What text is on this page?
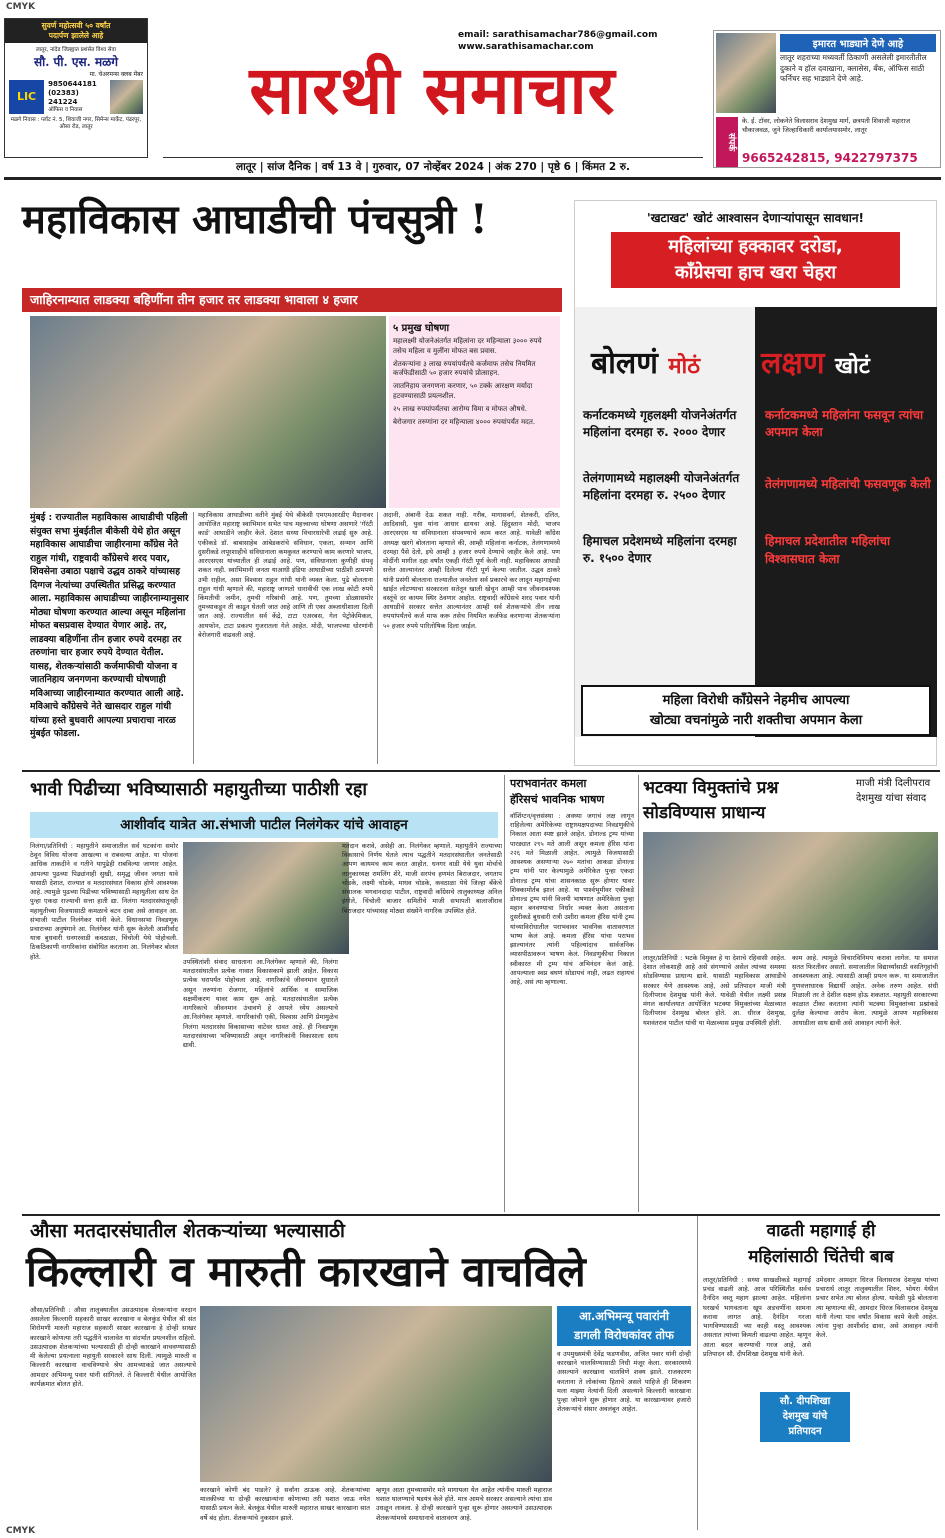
CMYK
CMYK
सुवर्ण महोत्सवी ५० वर्षांत
पदार्पण झालेले आहे
लातूर, नांदेड जिल्ह्यात प्रशंसेत विश्व सेवा
सौ. पी. एस. मळगे
मा. चेअरमन्स क्लब मेंबर
LIC
9850644181
(02383) 241224
ऑफिस व निवास
मळगे निवास : प्लॉट नं. 5, शिवाजी नगर, सिमेन्स मार्केट, पंढरपूर, औसा रोड, लातूर
email: sarathisamachar786@gmail.com
www.sarathisamachar.com
सारथी समाचार
लातूर | सांज दैनिक | वर्ष 13 वे | गुरुवार, 07 नोव्हेंबर 2024 | अंक 270 | पृष्ठे 6 | किंमत 2 रु.
इमारत भाड्याने देणे आहे
लातूर शहराच्या मध्यवर्ती ठिकाणी असलेली इमारतीतील दुकाने व हॉल दवाखाना, क्लासेस, बँक, ऑफिस साठी फर्निचर सह भाड्याने देणे आहे.
संपर्क
के. ई. टॉवर, लोकनेते विलासराव देशमुख मार्ग, छत्रपती शिवाजी महाराज चौकाजवळ, जुने जिल्हाधिकारी कार्यालयासमोर, लातूर
9665242815, 9422797375
महाविकास आघाडीची पंचसुत्री !
जाहिरनाम्यात लाडक्या बहिणींना तीन हजार तर लाडक्या भावाला ४ हजार
५ प्रमुख घोषणा
महालक्ष्मी योजनेअंतर्गत महिलांना दर महिन्याला ३००० रुपये तसेच महिला व मुलींना मोफत बस प्रवास.
शेतकऱ्यांना ३ लाख रुपयांपर्यंतचे कर्जमाफ तसेच नियमित कर्जफेडीसाठी ५० हजार रुपयांचे प्रोत्साहन.
जातनिहाय जनगणना करणार, ५० टक्के आरक्षण मर्यादा हटवण्यासाठी प्रयत्नशील.
२५ लाख रुपयांपर्यंतचा आरोग्य विमा व मोफत औषधे.
बेरोजगार तरुणांना दर महिन्याला ४००० रुपयांपर्यंत मदत.
मुंबई : राज्यातील महाविकास आघाडीची पहिली संयुक्त सभा मुंबईतील बीकेसी येथे होत असून महाविकास आघाडीचा जाहीरनामा काँग्रेस नेते राहुल गांधी, राष्ट्रवादी काँग्रेसचे शरद पवार, शिवसेना उबाठा पक्षाचे उद्धव ठाकरे यांच्यासह दिग्गज नेत्यांच्या उपस्थितीत प्रसिद्ध करण्यात आला. महाविकास आघाडीच्या जाहीरनाम्यानुसार मोठ्या घोषणा करण्यात आल्या असून महिलांना मोफत बसप्रवास देण्यात येणार आहे. तर, लाडक्या बहिणींना तीन हजार रुपये दरमहा तर तरुणांना चार हजार रुपये देण्यात येतील. यासह, शेतकऱ्यांसाठी कर्जमाफीची योजना व जातनिहाय जनगणना करण्याची घोषणाही मविआच्या जाहीरनाम्यात करण्यात आली आहे. मविआचे काँग्रेसचे नेते खासदार राहुल गांधी यांच्या हस्ते बुधवारी आपल्या प्रचाराचा नारळ मुंबईत फोडला.
महाविकास आघाडीच्या वतीने मुंबई येथे बीकेसी एमएमआरडीए मैदानावर आयोजित महाराष्ट्र स्वाभिमान सभेत पाच महत्त्वाच्या घोषणा असणारे 'गॅरंटी कार्ड' आघाडीने जाहीर केले. देशात सध्या विचारधारेची लढाई सुरु आहे. एकीकडे डॉ. बाबासाहेब आंबेडकरांचे संविधान, एकता, सन्मान आणि दुसरीकडे लपूरशाहीचे संविधानाला कमकुवत करण्याचे काम करणारे भाजप, आरएसएस यांच्यातील ही लढाई आहे. पण, संविधानाला कुणीही संपवू शकत नाही. स्वाभिमानी जनता याआधी इंडिया आघाडीच्या पाठीशी ठामपणे उभी राहील, असा विश्वास राहुल गांधी यांनी व्यक्त केला. पुढे बोलताना राहुल गांधी म्हणाले की, महाराष्ट्र जाणतो धारावीची एक लाख कोटी रुपये किंमतीची जमीन, तुमची गरिबांची आहे. पण, तुमच्या डोळ्यासमोर तुमच्याकडून ती काढून घेतली जात आहे आणि ती एका अब्जाधीशाला दिली जात आहे. राज्यातील सर्व केंद्रे, टाटा एअरबस, गेल पेट्रोकेमिकल, आयफोन, टाटा प्रकल्प गुजरातला गेले आहेत. मोदी, भाजपच्या धोरणांनी बेरोजगारी वाढवली आहे.
अदानी, अंबानी देऊ शकत नाही. गरीब, मागासवर्ग, शेतकरी, दलित, आदिवासी, युवा यांना आधार द्यायचा आहे. हिंदुस्तान मोदी, भाजप आरएसएस या संविधानाला संपवण्याचे काम करत आहे. यावेळी काँग्रेस अध्यक्ष खरगे बोलताना म्हणाले की, आम्ही महिलांना कर्नाटक, तेलंगणामध्ये दरमहा पैसे देतो, इथे आम्ही ३ हजार रुपये देण्याचे जाहीर केले आहे. पण मोदींनी मागील दहा वर्षांत एकही गॅरंटी पूर्ण केली नाही. महाविकास आघाडी सत्तेत आल्यानंतर आम्ही दिलेल्या गॅरंटी पूर्ण केल्या जातील. उद्धव ठाकरे यांनी प्रसंगी बोलताना राज्यातील जनतेला सर्व प्रकारचे कर लादून महागाईच्या खाईत लोटण्याचा सरकारला सतेतून खाली खेचून आम्ही पाच जीवनावश्यक वस्तूंचे दर कायम स्थिर ठेवणार आहोत. राष्ट्रवादी काँग्रेसचे शरद पवार यांनी आघाडीचे सरकार सत्तेत आल्यानंतर आम्ही सर्व शेतकऱ्यांचे तीन लाख रुपयांपर्यंतचे कर्ज माफ करू तसेच नियमित कर्जफेड करणाऱ्या शेतकऱ्यांना ५० हजार रुपये पारितोषिक दिला जाईल.
'खटाखट' खोटं आश्वासन देणाऱ्यांपासून सावधान!
महिलांच्या हक्कावर दरोडा,
काँग्रेसचा हाच खरा चेहरा
बोलणं मोठं लक्षण खोटं
कर्नाटकमध्ये गृहलक्ष्मी योजनेअंतर्गत महिलांना दरमहा रु. २००० देणार
तेलंगणामध्ये महालक्ष्मी योजनेअंतर्गत महिलांना दरमहा रु. २५०० देणार
हिमाचल प्रदेशमध्ये महिलांना दरमहा रु. १५०० देणार
कर्नाटकमध्ये महिलांना फसवून त्यांचा अपमान केला
तेलंगणामध्ये महिलांची फसवणूक केली
हिमाचल प्रदेशातील महिलांचा विश्वासघात केला
महिला विरोधी काँग्रेसने नेहमीच आपल्या
खोट्या वचनांमुळे नारी शक्तीचा अपमान केला
भावी पिढीच्या भविष्यासाठी महायुतीच्या पाठीशी रहा
आशीर्वाद यात्रेत आ.संभाजी पाटील निलंगेकर यांचे आवाहन
निलंगा/प्रतिनिधी : महायुतीने समाजातील सर्व घटकांना समोर ठेवून विविध योजना आखल्या व राबवल्या आहेत. या योजना आधिक ताकदीने व गतीने यापुढेही राबविल्या जाणार आहेत. आपल्या पुढच्या पिढ्यांनाही सुखी, समृद्ध जीवन जगता यावे यासाठी देशात, राज्यात व मतदारसंघात विकास होणे आवश्यक आहे. त्यामुळे पुढच्या पिढीच्या भविष्यासाठी महायुतीला साथ देत पुन्हा एकदा राज्याची सत्ता हाती द्या. निलंगा मतदारसंघातूनही महायुतीच्या विजयासाठी कमळाचे बटन दाबा असे आवाहन आ. संभाजी पाटील निलंगेकर यांनी केले. विधानसभा निवडणूक प्रचाराच्या अनुषंगाने आ. निलंगेकर यांनी सुरू केलेली आशीर्वाद यात्रा बुधवारी धनगरवाडी कवठाळा, चिंचोली येथे पोहोचली. ठिकठिकाणी नागरिकांना संबोधित करताना आ. निलंगेकर बोलत होते.
उपस्थितांशी संवाद साधताना आ.निलंगेकर म्हणाले की, निलंगा मतदारसंघातील प्रत्येक गावात विकासकामे झाली आहेत. विकास प्रत्येक घरापर्यंत पोहोचला आहे. नागरिकांचे जीवनमान सुधारले असून तरुणांना रोजगार, महिलांचे आर्थिक व सामाजिक सक्षमीकरण यावर काम सुरू आहे. मतदारसंघातील प्रत्येक नागरिकाचे जीवनमान उंचावणे हे आपले ध्येय असल्याचे आ.निलंगेकर म्हणाले. नागरिकांची एकी, विश्वास आणि प्रेमामुळेच निलंगा मतदारसंघ विकासाच्या वाटेवर धावत आहे. ही निवडणूक मतदारसंघाच्या भविष्यासाठी असून नागरिकांनी विकासाला साथ द्यावी.
मतदान करावे, असेही आ. निलंगेकर म्हणाले. महायुतीने राज्याच्या विकासाचे निर्णय घेतले त्याच पद्धतीने मतदारसंघातील जनतेसाठी आपण कायमच काम करत आहोत. धनगर वाडी येथे युवा मोर्चाचे तालुकाध्यक्ष रामलिंग शेरे, माजी सरपंच हणमंत बिराजदार, जगताप चोडके, लक्ष्मी चोडके, माधव चोडके, कवठाळा येथे जिल्हा बँकेचे संचालक भगवानदादा पाटील, राष्ट्रवादी काँग्रेसचे तालुकाध्यक्ष अनिल इंगोले, चिंचोली बाजार समितीचे माजी सभापती बालाजीराव बिराजदार यांच्यासह मोठ्या संख्येने नागरिक उपस्थित होते.
पराभवानंतर कमला
हॅरिसचं भावनिक भाषण
वॉशिंग्टन/वृत्तसंस्था : अवघ्या जगाचं लक्ष लागून राहिलेल्या अमेरिकेच्या राष्ट्राध्यक्षपदाच्या निवडणुकीचे निकाल आता स्पष्ट झाले आहेत. डोनाल्ड ट्रम्प यांच्या पारड्यात २९५ मते आली असून कमला हॅरिस यांना २२६ मते मिळाली आहेत. त्यामुळे विजयासाठी आवश्यक असणाऱ्या २७० मतांचा आकडा डोनाल्ड ट्रम्प यांनी पार केल्यामुळे अमेरिकेत पुन्हा एकदा डोनाल्ड ट्रम्प यांचा शासनकाळ सुरू होणार यावर शिक्कामोर्तब झालं आहे. या पार्श्वभूमीवर एकीकडे डोनाल्ड ट्रम्प यांनी विजयी भाषणात अमेरिकेला पुन्हा महान बनवण्याचा निर्धार व्यक्त केला असताना दुसरीकडे बुधवारी रात्री उशीरा कमला हॅरिस यांनी ट्रम्प यांच्याविरोधातील पराभवावर भावनिक वातावरणात भाष्य केलं आहे. कमला हॅरिस यांचा पराभव झाल्यानंतर त्यांनी पहिल्यांदाच सार्वजनिक व्यासपीठावरून भाषण केलं. निवडणुकीचा निकाल स्वीकारत मी ट्रम्प यांचं अभिनंदन केलं आहे. आपल्याला स्वप्न बघणं सोडायचं नाही, लढत राहायचं आहे, असं त्या म्हणाल्या.
भटक्या विमुक्तांचे प्रश्न
सोडविण्यास प्राधान्य
माजी मंत्री दिलीपराव देशमुख यांचा संवाद
लातूर/प्रतिनिधी : भटके विमुक्त हे या देशाचे रहिवासी आहेत. देशात लोकशाही आहे असे संगण्याचे असेल त्यांच्या समस्या सोडविण्यास प्राधान्य द्यावे. यासाठी महाविकास आघाडीचे सरकार येणे आवश्यक आहे, असे प्रतिपादन माजी मंत्री दिलीपराव देशमुख यांनी केले. यावेळी येथील लक्ष्मी प्रसन्न मंगल कार्यालयात आयोजित भटक्या विमुक्तांच्या मेळाव्यात दिलीपराव देशमुख बोलत होते. आ. धीरज देशमुख, यशवंतराव पाटील यांची या मेळाव्यास प्रमुख उपस्थिती होती.
काम आहे. त्यामुळे विचारविनिमय करावा लागेल. या समाज सतत फिरतीवर असतो. समाजातील विद्यार्थ्यांसाठी वसतिगृहांची आवश्यकता आहे. त्यासाठी आम्ही प्रयत्न करू. या समाजातील गुणवत्ताधारक विद्यार्थी आहेत. अनेक तरुण आहेत. संधी मिळाली तर ते देशील सक्षम होऊ शकतात. महायुती सरकारच्या काळात टीका करताना त्यांनी भटक्या विमुक्तांच्या प्रश्नांकडे दुर्लक्ष केल्याचा आरोप केला. त्यामुळे आपण महाविकास आघाडीला साथ द्यावी असे आवाहन त्यांनी केले.
औसा मतदारसंघातील शेतकऱ्यांच्या भल्यासाठी
किल्लारी व मारुती कारखाने वाचविले
औसा/प्रतिनिधी : औसा तालुक्यातील उसउत्पादक शेतकऱ्यांना वरदान असलेला किल्लारी सहकारी साखर कारखाना व बेलकुंड येथील श्री संत शिरोमणी मारुती महाराज सहकारी साखर कारखाना हे दोन्ही साखर कारखाने कोणत्या तरी पद्धतीने चालावेत या संदर्भात प्रयत्नशील राहिलो. उसउत्पादक शेतकऱ्यांच्या भल्यासाठी ही दोन्ही कारखाने वाचवण्यासाठी मी केलेल्या प्रयत्नाला महायुती सरकारने साथ दिली. त्यामुळे मारुती व किल्लारी कारखाना वाचविण्याचे श्रेय आमच्याकडे जात असल्याचे आमदार अभिमन्यू पवार यांनी सांगितले. ते किल्लारी येथील आयोजित कार्यक्रमात बोलत होते.
कारखाने कोणी बंद पाडले? हे सर्वांना ठाऊक आहे. शेतकऱ्यांच्या मालकीच्या या दोन्ही कारखान्यांना कोणाच्या तरी घशात जाऊ नयेत यासाठी प्रयत्न केले. बेलकुंड येथील मारुती महाराज साखर कारखाना सात वर्षे बंद होता. शेतकऱ्यांचे नुकसान झाले.
म्हणून आता तुमच्यासमोर मते मागायला येत आहेत त्यांनीच मारुती महाराज घशात घालण्याचे षडयंत्र केले होते. मात्र आमचे सरकार असल्याने त्यांचा डाव उधळून लावला. हे दोन्ही कारखाने पुन्हा सुरू होणार असल्याने उसउत्पादक शेतकऱ्यांमध्ये समाधानाचे वातावरण आहे.
आ.अभिमन्यू पवारांनी
डागली विरोधकांवर तोफ
व उपमुख्यमंत्री देवेंद्र फडणवीस, अजित पवार यांनी दोन्ही कारखाने चालविण्यासाठी निधी मंजूर केला. सरकारमध्ये असल्याने कारखाना चालविणे शक्य झाले. राजकारण करताना ते लोकांच्या हिताचे असले पाहिजे ही शिकवण मला माझ्या नेत्यांनी दिली असल्याने किल्लारी कारखाना पुन्हा जोमाने सुरू होणार आहे. या कारखान्यावर हजारो शेतकऱ्यांचे संसार अवलंबून आहेत.
वाढती महागाई ही
महिलांसाठी चिंतेची बाब
लातूर/प्रतिनिधी : सध्या साखळीकडे महागाई प्रचंड वाढली आहे. आज परिस्थितीत सर्वच दैनंदिन वस्तू महाग झाल्या आहेत. महिलांना घरखर्च भागवताना खूप अडचणींना सामना करावा लागत आहे. दैनंदिन गरजा भागविण्यासाठी च्या काही वस्तू आवश्यक असतात त्यांच्या किमती वाढल्या आहेत. म्हणून आता बदल करण्याची गरज आहे, असे प्रतिपादन सौ. दीपशिखा देशमुख यांनी केले.
सौ. दीपशिखा
देशमुख यांचे
प्रतिपादन
उमेदवार आमदार धिरज विलासराव देशमुख यांच्या प्रचारार्थ लातूर तालुक्यातील शिरुर, भोयरा येथील प्रचार सभेत त्या बोलत होत्या. यावेळी पुढे बोलताना त्या म्हणाल्या की, आमदार धिरज विलासराव देशमुख यांनी गेल्या पाच वर्षांत विकास कामे केली आहेत. त्यांना पुन्हा आशीर्वाद द्यावा, असे आवाहन त्यांनी केले.
